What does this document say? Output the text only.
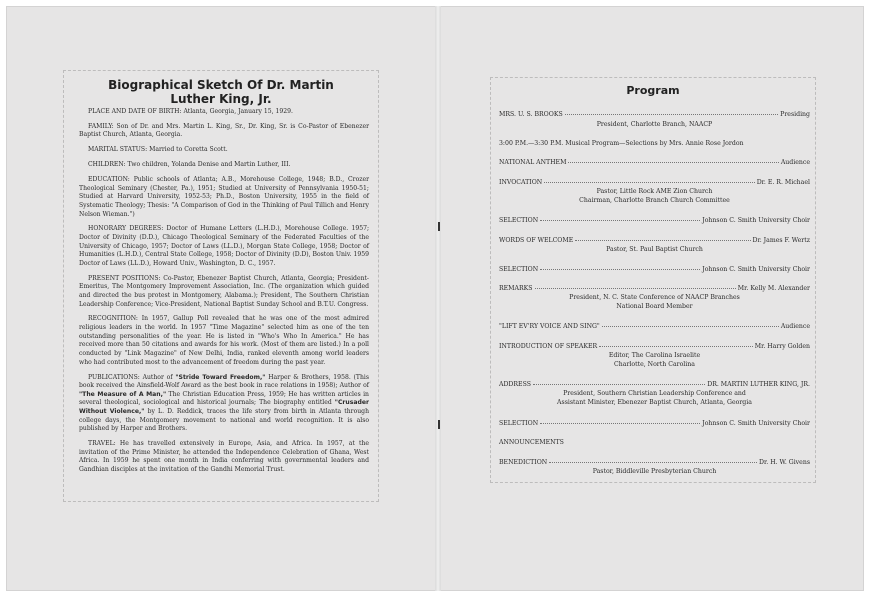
Biographical Sketch Of Dr. Martin Luther King, Jr.

PLACE AND DATE OF BIRTH: Atlanta, Georgia, January 15, 1929.

FAMILY: Son of Dr. and Mrs. Martin L. King, Sr., Dr. King, Sr. is Co-Pastor of Ebenezer Baptist Church, Atlanta, Georgia.

MARITAL STATUS: Married to Coretta Scott.

CHILDREN: Two children, Yolanda Denise and Martin Luther, III.

EDUCATION: Public schools of Atlanta; A.B., Morehouse College, 1948; B.D., Crozer Theological Seminary (Chester, Pa.), 1951; Studied at University of Pennsylvania 1950-51; Studied at Harvard University, 1952-53; Ph.D., Boston University, 1955 in the field of Systematic Theology; Thesis: "A Comparison of God in the Thinking of Paul Tillich and Henry Nelson Wieman.")

HONORARY DEGREES: Doctor of Humane Letters (L.H.D.), Morehouse College. 1957; Doctor of Divinity (D.D.), Chicago Theological Seminary of the Federated Faculties of the University of Chicago, 1957; Doctor of Laws (LL.D.), Morgan State College, 1958; Doctor of Humanities (L.H.D.), Central State College, 1958; Doctor of Divinity (D.D), Boston Univ. 1959 Doctor of Laws (LL.D.), Howard Univ., Washington, D. C., 1957.

PRESENT POSITIONS: Co-Pastor, Ebenezer Baptist Church, Atlanta, Georgia; President-Emeritus, The Montgomery Improvement Association, Inc. (The organization which guided and directed the bus protest in Montgomery, Alabama.); President, The Southern Christian Leadership Conference; Vice-President, National Baptist Sunday School and B.T.U. Congress.

RECOGNITION: In 1957, Gallup Poll revealed that he was one of the most admired religious leaders in the world. In 1957 "Time Magazine" selected him as one of the ten outstanding personalities of the year. He is listed in "Who's Who In America." He has received more than 50 citations and awards for his work. (Most of them are listed.) In a poll conducted by "Link Magazine" of New Delhi, India, ranked eleventh among world leaders who had contributed most to the advancement of freedom during the past year.

PUBLICATIONS: Author of "Stride Toward Freedom," Harper & Brothers, 1958. (This book received the Ainsfield-Wolf Award as the best book in race relations in 1958); Author of "The Measure of A Man," The Christian Education Press, 1959; He has written articles in several theological, sociological and historical journals; The biography entitled "Crusader Without Violence," by L. D. Reddick, traces the life story from birth in Atlanta through college days, the Montgomery movement to national and world recognition. It is also published by Harper and Brothers.

TRAVEL: He has travelled extensively in Europe, Asia, and Africa. In 1957, at the invitation of the Prime Minister, he attended the Independence Celebration of Ghana, West Africa. In 1959 he spent one month in India conferring with governmental leaders and Gandhian disciples at the invitation of the Gandhi Memorial Trust.

Program
MRS. U. S. BROOKS	Presiding
President, Charlotte Branch, NAACP
3:00 P.M.—3:30 P.M. Musical Program—Selections by Mrs. Annie Rose Jordon
NATIONAL ANTHEM	Audience
INVOCATION	Dr. E. R. Michael
Pastor, Little Rock AME Zion Church
Chairman, Charlotte Branch Church Committee
SELECTION	Johnson C. Smith University Choir
WORDS OF WELCOME	Dr. James F. Wertz
Pastor, St. Paul Baptist Church
SELECTION	Johnson C. Smith University Choir
REMARKS	Mr. Kelly M. Alexander
President, N. C. State Conference of NAACP Branches
National Board Member
"LIFT EV'RY VOICE AND SING"	Audience
INTRODUCTION OF SPEAKER	Mr. Harry Golden
Editor, The Carolina Israelite
Charlotte, North Carolina
ADDRESS	DR. MARTIN LUTHER KING, JR.
President, Southern Christian Leadership Conference and
Assistant Minister, Ebenezer Baptist Church, Atlanta, Georgia
SELECTION	Johnson C. Smith University Choir
ANNOUNCEMENTS
BENEDICTION	Dr. H. W. Givens
Pastor, Biddleville Presbyterian Church
